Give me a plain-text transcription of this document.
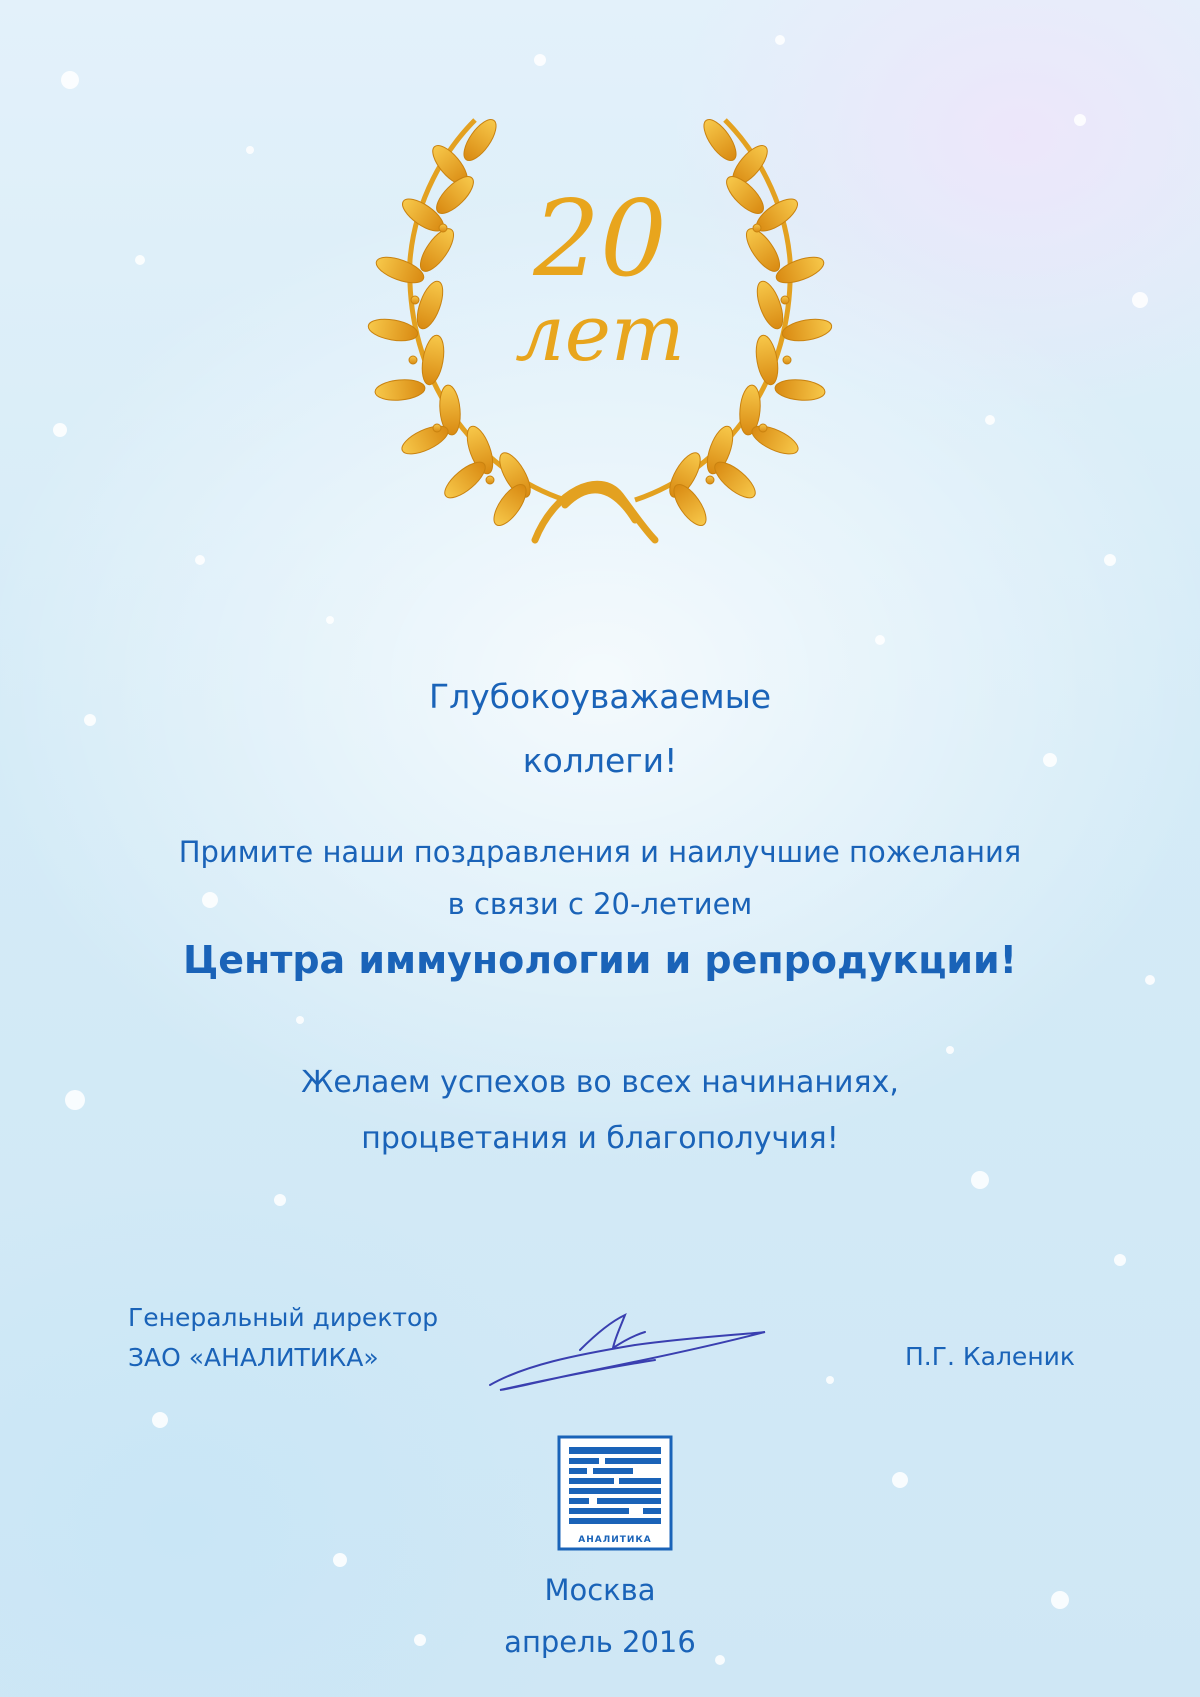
20
лет
Глубокоуважаемые
коллеги!
Примите наши поздравления и наилучшие пожелания
в связи с 20-летием
Центра иммунологии и репродукции!
Желаем успехов во всех начинаниях,
процветания и благополучия!
Генеральный директор
ЗАО «АНАЛИТИКА»	П.Г. Каленик
АНАЛИТИКА
Москва
апрель 2016
